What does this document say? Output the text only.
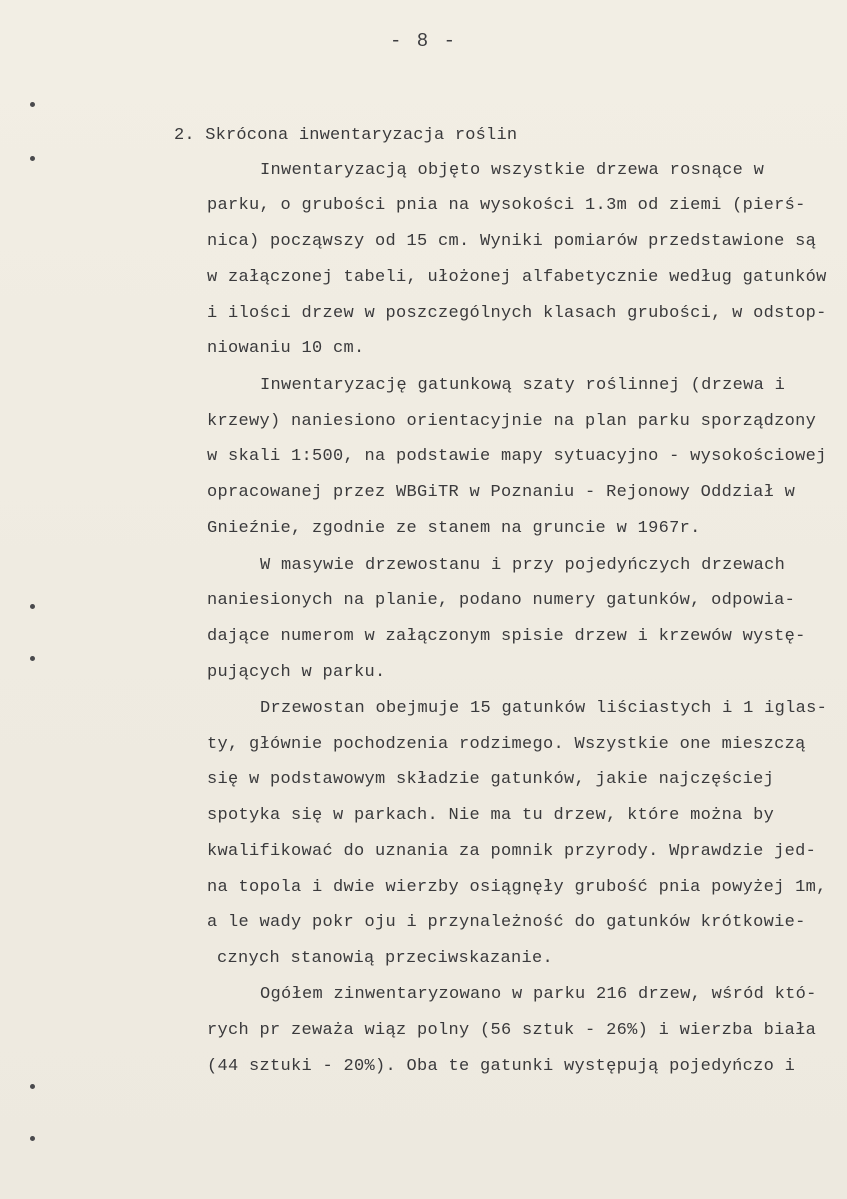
- 8 -
2. Skrócona inwentaryzacja roślin
Inwentaryzacją objęto wszystkie drzewa rosnące w
parku, o grubości pnia na wysokości 1.3m od ziemi (pierś-
nica) począwszy od 15 cm. Wyniki pomiarów przedstawione są
w załączonej tabeli, ułożonej alfabetycznie według gatunków
i ilości drzew w poszczególnych klasach grubości, w odstop-
niowaniu 10 cm.
Inwentaryzację gatunkową szaty roślinnej (drzewa i
krzewy) naniesiono orientacyjnie na plan parku sporządzony
w skali 1:500, na podstawie mapy sytuacyjno - wysokościowej
opracowanej przez WBGiTR w Poznaniu - Rejonowy Oddział w
Gnieźnie, zgodnie ze stanem na gruncie w 1967r.
W masywie drzewostanu i przy pojedyńczych drzewach
naniesionych na planie, podano numery gatunków, odpowia-
dające numerom w załączonym spisie drzew i krzewów wystę-
pujących w parku.
Drzewostan obejmuje 15 gatunków liściastych i 1 iglas-
ty, głównie pochodzenia rodzimego. Wszystkie one mieszczą
się w podstawowym składzie gatunków, jakie najczęściej
spotyka się w parkach. Nie ma tu drzew, które można by
kwalifikować do uznania za pomnik przyrody. Wprawdzie jed-
na topola i dwie wierzby osiągnęły grubość pnia powyżej 1m,
a le wady pokr oju i przynależność do gatunków krótkowie-
cznych stanowią przeciwskazanie.
Ogółem zinwentaryzowano w parku 216 drzew, wśród któ-
rych pr zeważa wiąz polny (56 sztuk - 26%) i wierzba biała
(44 sztuki - 20%). Oba te gatunki występują pojedyńczo i
